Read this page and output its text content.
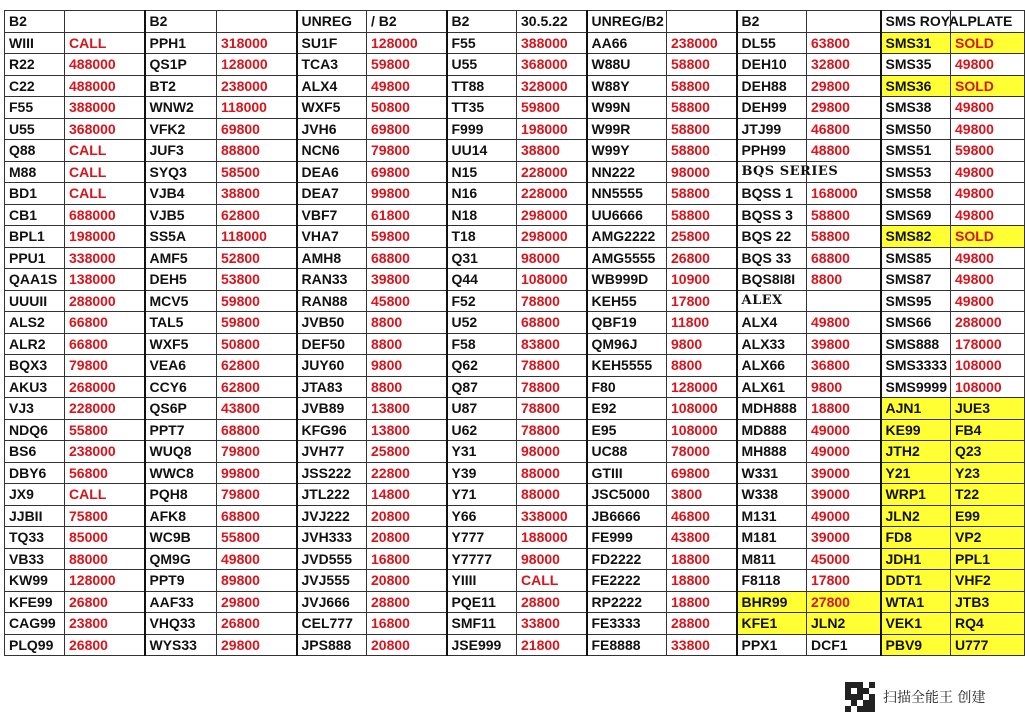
B2		B2		UNREG	/ B2	B2	30.5.22	UNREG/B2		B2		SMS ROYALPLATE	
WIII	CALL	PPH1	318000	SU1F	128000	F55	388000	AA66	238000	DL55	63800	SMS31	SOLD
R22	488000	QS1P	128000	TCA3	59800	U55	368000	W88U	58800	DEH10	32800	SMS35	49800
C22	488000	BT2	238000	ALX4	49800	TT88	328000	W88Y	58800	DEH88	29800	SMS36	SOLD
F55	388000	WNW2	118000	WXF5	50800	TT35	59800	W99N	58800	DEH99	29800	SMS38	49800
U55	368000	VFK2	69800	JVH6	69800	F999	198000	W99R	58800	JTJ99	46800	SMS50	49800
Q88	CALL	JUF3	88800	NCN6	79800	UU14	38800	W99Y	58800	PPH99	48800	SMS51	59800
M88	CALL	SYQ3	58500	DEA6	69800	N15	228000	NN222	98000	BQS SERIES		SMS53	49800
BD1	CALL	VJB4	38800	DEA7	99800	N16	228000	NN5555	58800	BQSS 1	168000	SMS58	49800
CB1	688000	VJB5	62800	VBF7	61800	N18	298000	UU6666	58800	BQSS 3	58800	SMS69	49800
BPL1	198000	SS5A	118000	VHA7	59800	T18	298000	AMG2222	25800	BQS 22	58800	SMS82	SOLD
PPU1	338000	AMF5	52800	AMH8	68800	Q31	98000	AMG5555	26800	BQS 33	68800	SMS85	49800
QAA1S	138000	DEH5	53800	RAN33	39800	Q44	108000	WB999D	10900	BQS8I8I	8800	SMS87	49800
UUUII	288000	MCV5	59800	RAN88	45800	F52	78800	KEH55	17800	ALEX		SMS95	49800
ALS2	66800	TAL5	59800	JVB50	8800	U52	68800	QBF19	11800	ALX4	49800	SMS66	288000
ALR2	66800	WXF5	50800	DEF50	8800	F58	83800	QM96J	9800	ALX33	39800	SMS888	178000
BQX3	79800	VEA6	62800	JUY60	9800	Q62	78800	KEH5555	8800	ALX66	36800	SMS3333	108000
AKU3	268000	CCY6	62800	JTA83	8800	Q87	78800	F80	128000	ALX61	9800	SMS9999	108000
VJ3	228000	QS6P	43800	JVB89	13800	U87	78800	E92	108000	MDH888	18800	AJN1	JUE3
NDQ6	55800	PPT7	68800	KFG96	13800	U62	78800	E95	108000	MD888	49000	KE99	FB4
BS6	238000	WUQ8	79800	JVH77	25800	Y31	98000	UC88	78000	MH888	49000	JTH2	Q23
DBY6	56800	WWC8	99800	JSS222	22800	Y39	88000	GTIII	69800	W331	39000	Y21	Y23
JX9	CALL	PQH8	79800	JTL222	14800	Y71	88000	JSC5000	3800	W338	39000	WRP1	T22
JJBII	75800	AFK8	68800	JVJ222	20800	Y66	338000	JB6666	46800	M131	49000	JLN2	E99
TQ33	85000	WC9B	55800	JVH333	20800	Y777	188000	FE999	43800	M181	39000	FD8	VP2
VB33	88000	QM9G	49800	JVD555	16800	Y7777	98000	FD2222	18800	M811	45000	JDH1	PPL1
KW99	128000	PPT9	89800	JVJ555	20800	YIIII	CALL	FE2222	18800	F8118	17800	DDT1	VHF2
KFE99	26800	AAF33	29800	JVJ666	28800	PQE11	28800	RP2222	18800	BHR99	27800	WTA1	JTB3
CAG99	23800	VHQ33	26800	CEL777	16800	SMF11	33800	FE3333	28800	KFE1	JLN2	VEK1	RQ4
PLQ99	26800	WYS33	29800	JPS888	20800	JSE999	21800	FE8888	33800	PPX1	DCF1	PBV9	U777
扫描全能王 创建
